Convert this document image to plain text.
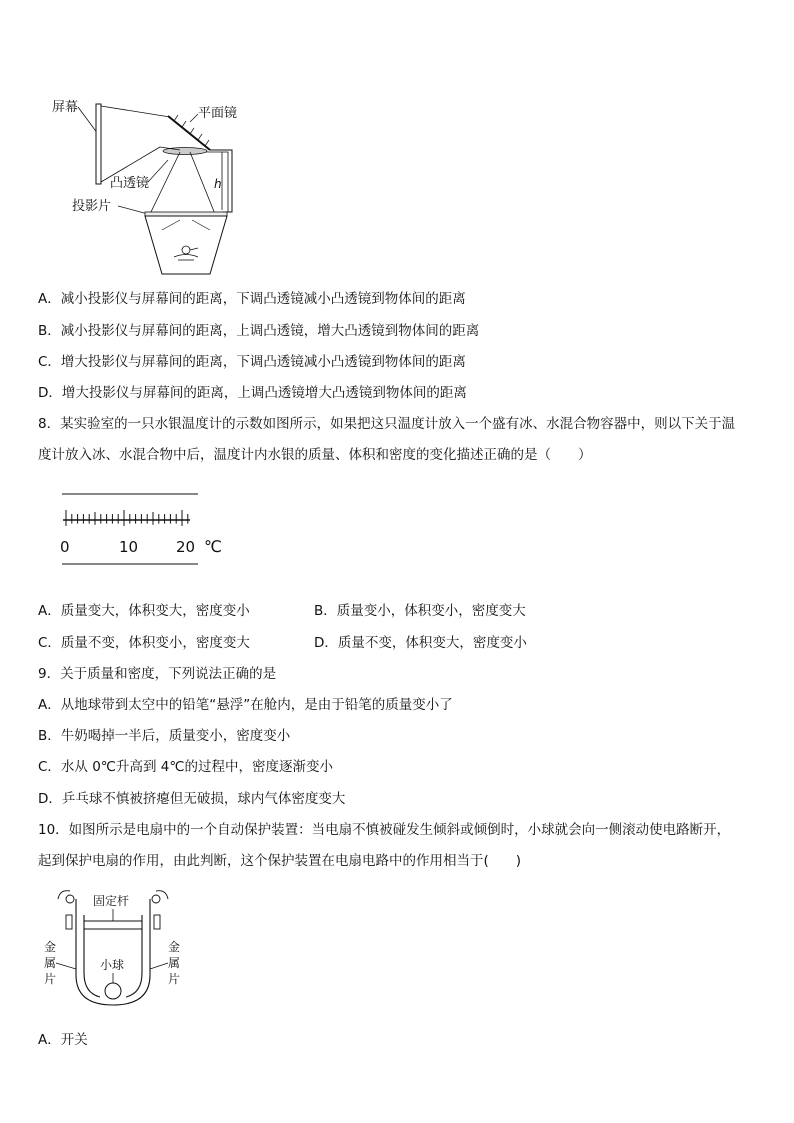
屏幕	平面镜
h
凸透镜
投影片
A．减小投影仪与屏幕间的距离，下调凸透镜减小凸透镜到物体间的距离
B．减小投影仪与屏幕间的距离，上调凸透镜，增大凸透镜到物体间的距离
C．增大投影仪与屏幕间的距离，下调凸透镜减小凸透镜到物体间的距离
D．增大投影仪与屏幕间的距离，上调凸透镜增大凸透镜到物体间的距离
8．某实验室的一只水银温度计的示数如图所示，如果把这只温度计放入一个盛有冰、水混合物容器中，则以下关于温
度计放入冰、水混合物中后，温度计内水银的质量、体积和密度的变化描述正确的是（　　）
0	10	20 ℃
A．质量变大，体积变大，密度变小	B．质量变小，体积变小，密度变大
C．质量不变，体积变小，密度变大	D．质量不变，体积变大，密度变小
9．关于质量和密度，下列说法正确的是
A．从地球带到太空中的铅笔“悬浮”在舱内，是由于铅笔的质量变小了
B．牛奶喝掉一半后，质量变小，密度变小
C．水从 0℃升高到 4℃的过程中，密度逐渐变小
D．乒乓球不慎被挤瘪但无破损，球内气体密度变大
10．如图所示是电扇中的一个自动保护装置：当电扇不慎被碰发生倾斜或倾倒时，小球就会向一侧滚动使电路断开，
起到保护电扇的作用，由此判断，这个保护装置在电扇电路中的作用相当于(　　)
固定杆
小球
金
属
片
金
属
片
A．开关
